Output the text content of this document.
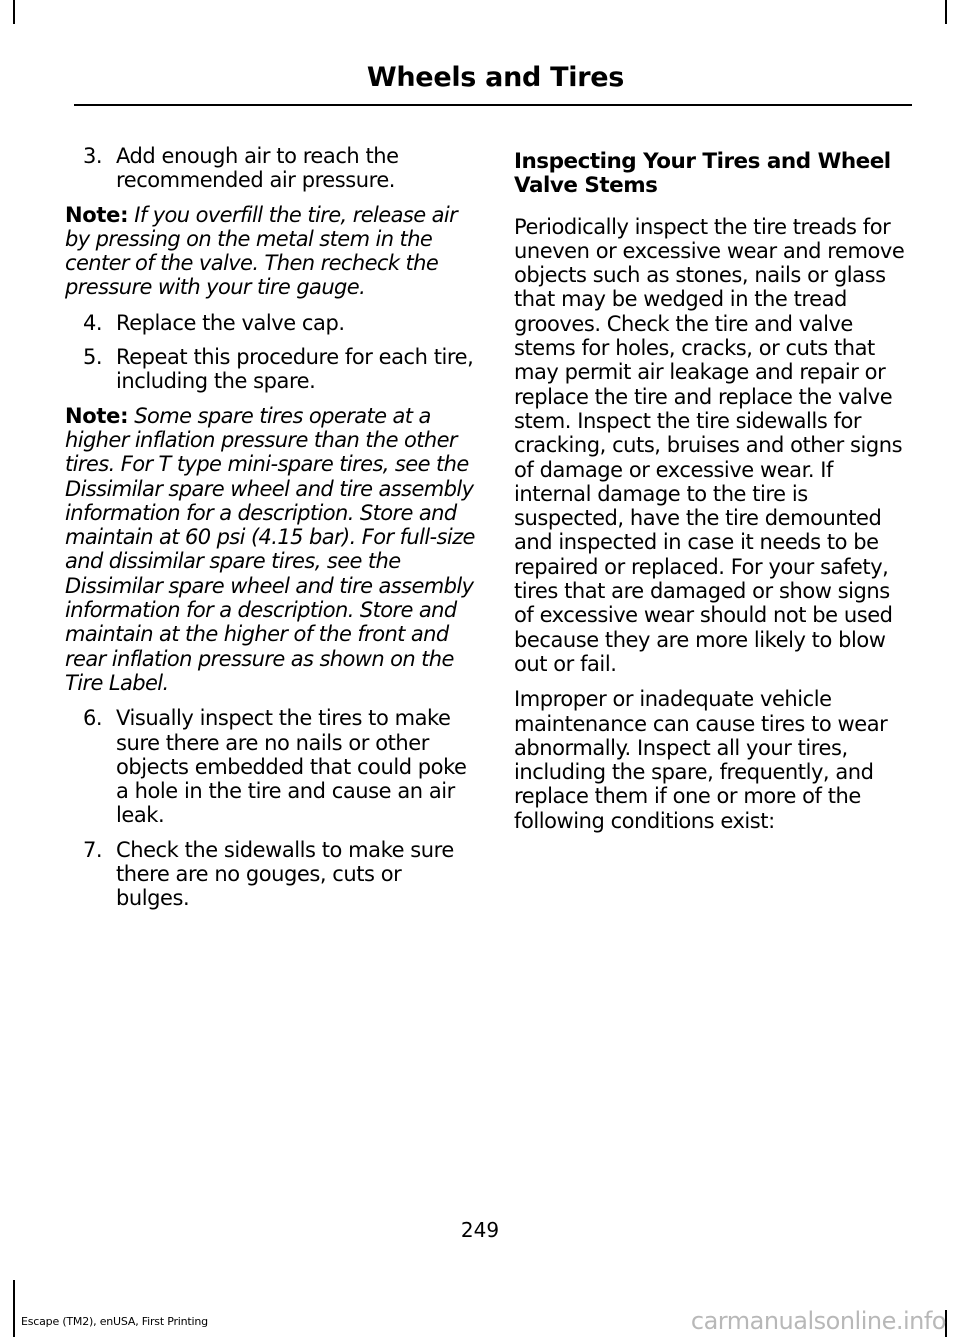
Wheels and Tires
3. Add enough air to reach the recommended air pressure.

Note: If you overfill the tire, release air by pressing on the metal stem in the center of the valve. Then recheck the pressure with your tire gauge.

4. Replace the valve cap.
5. Repeat this procedure for each tire, including the spare.

Note: Some spare tires operate at a higher inflation pressure than the other tires. For T type mini-spare tires, see the Dissimilar spare wheel and tire assembly information for a description. Store and maintain at 60 psi (4.15 bar). For full-size and dissimilar spare tires, see the Dissimilar spare wheel and tire assembly information for a description. Store and maintain at the higher of the front and rear inflation pressure as shown on the Tire Label.

6. Visually inspect the tires to make sure there are no nails or other objects embedded that could poke a hole in the tire and cause an air leak.
7. Check the sidewalls to make sure there are no gouges, cuts or bulges.
Inspecting Your Tires and Wheel Valve Stems

Periodically inspect the tire treads for uneven or excessive wear and remove objects such as stones, nails or glass that may be wedged in the tread grooves. Check the tire and valve stems for holes, cracks, or cuts that may permit air leakage and repair or replace the tire and replace the valve stem. Inspect the tire sidewalls for cracking, cuts, bruises and other signs of damage or excessive wear. If internal damage to the tire is suspected, have the tire demounted and inspected in case it needs to be repaired or replaced. For your safety, tires that are damaged or show signs of excessive wear should not be used because they are more likely to blow out or fail.

Improper or inadequate vehicle maintenance can cause tires to wear abnormally. Inspect all your tires, including the spare, frequently, and replace them if one or more of the following conditions exist:

249
Escape (TM2), enUSA, First Printing	carmanualsonline.info
